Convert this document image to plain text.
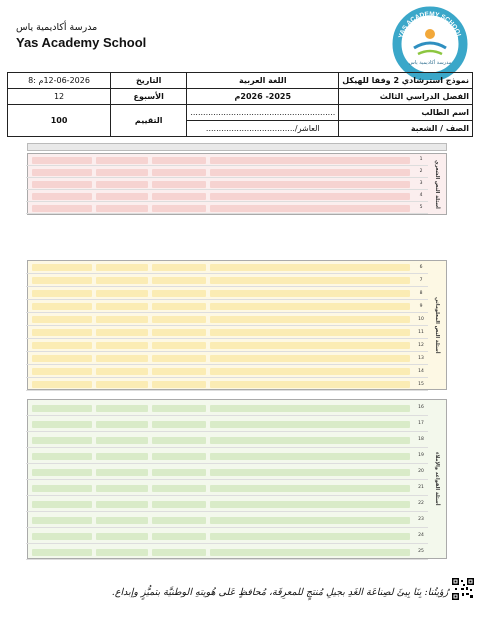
مدرسة أكاديمية ياس
Yas Academy School	YAS ACADEMY SCHOOL
مدرسة أكاديمية ياس
نموذج استرشادي 2 وفقا للهيكل	اللغة العربية	التاريخ	12-06-2026م :8
الفصل الدراسي الثالث	2025- 2026م	الأسبوع	12
اسم الطالب	.........................................................	التقييم	100
الصف / الشعبة	العاشر/...................................		
أسئلة النص الشعري
1
2
3
4
5
أسئلة النص المعلوماتي
6
7
8
9
10
11
12
13
14
15
أسئلة القواعد والإملاء
16
17
18
19
20
21
22
23
24
25
رُؤيتُنا: بِنَا بِيئَ لصِناعَة الغَدِ بجيلِ مُنتجٍ للمعرِفَة، مُحافظٍ عَلى هُويتهِ الوطنيَّة بتميُّزٍ وإبداع.
